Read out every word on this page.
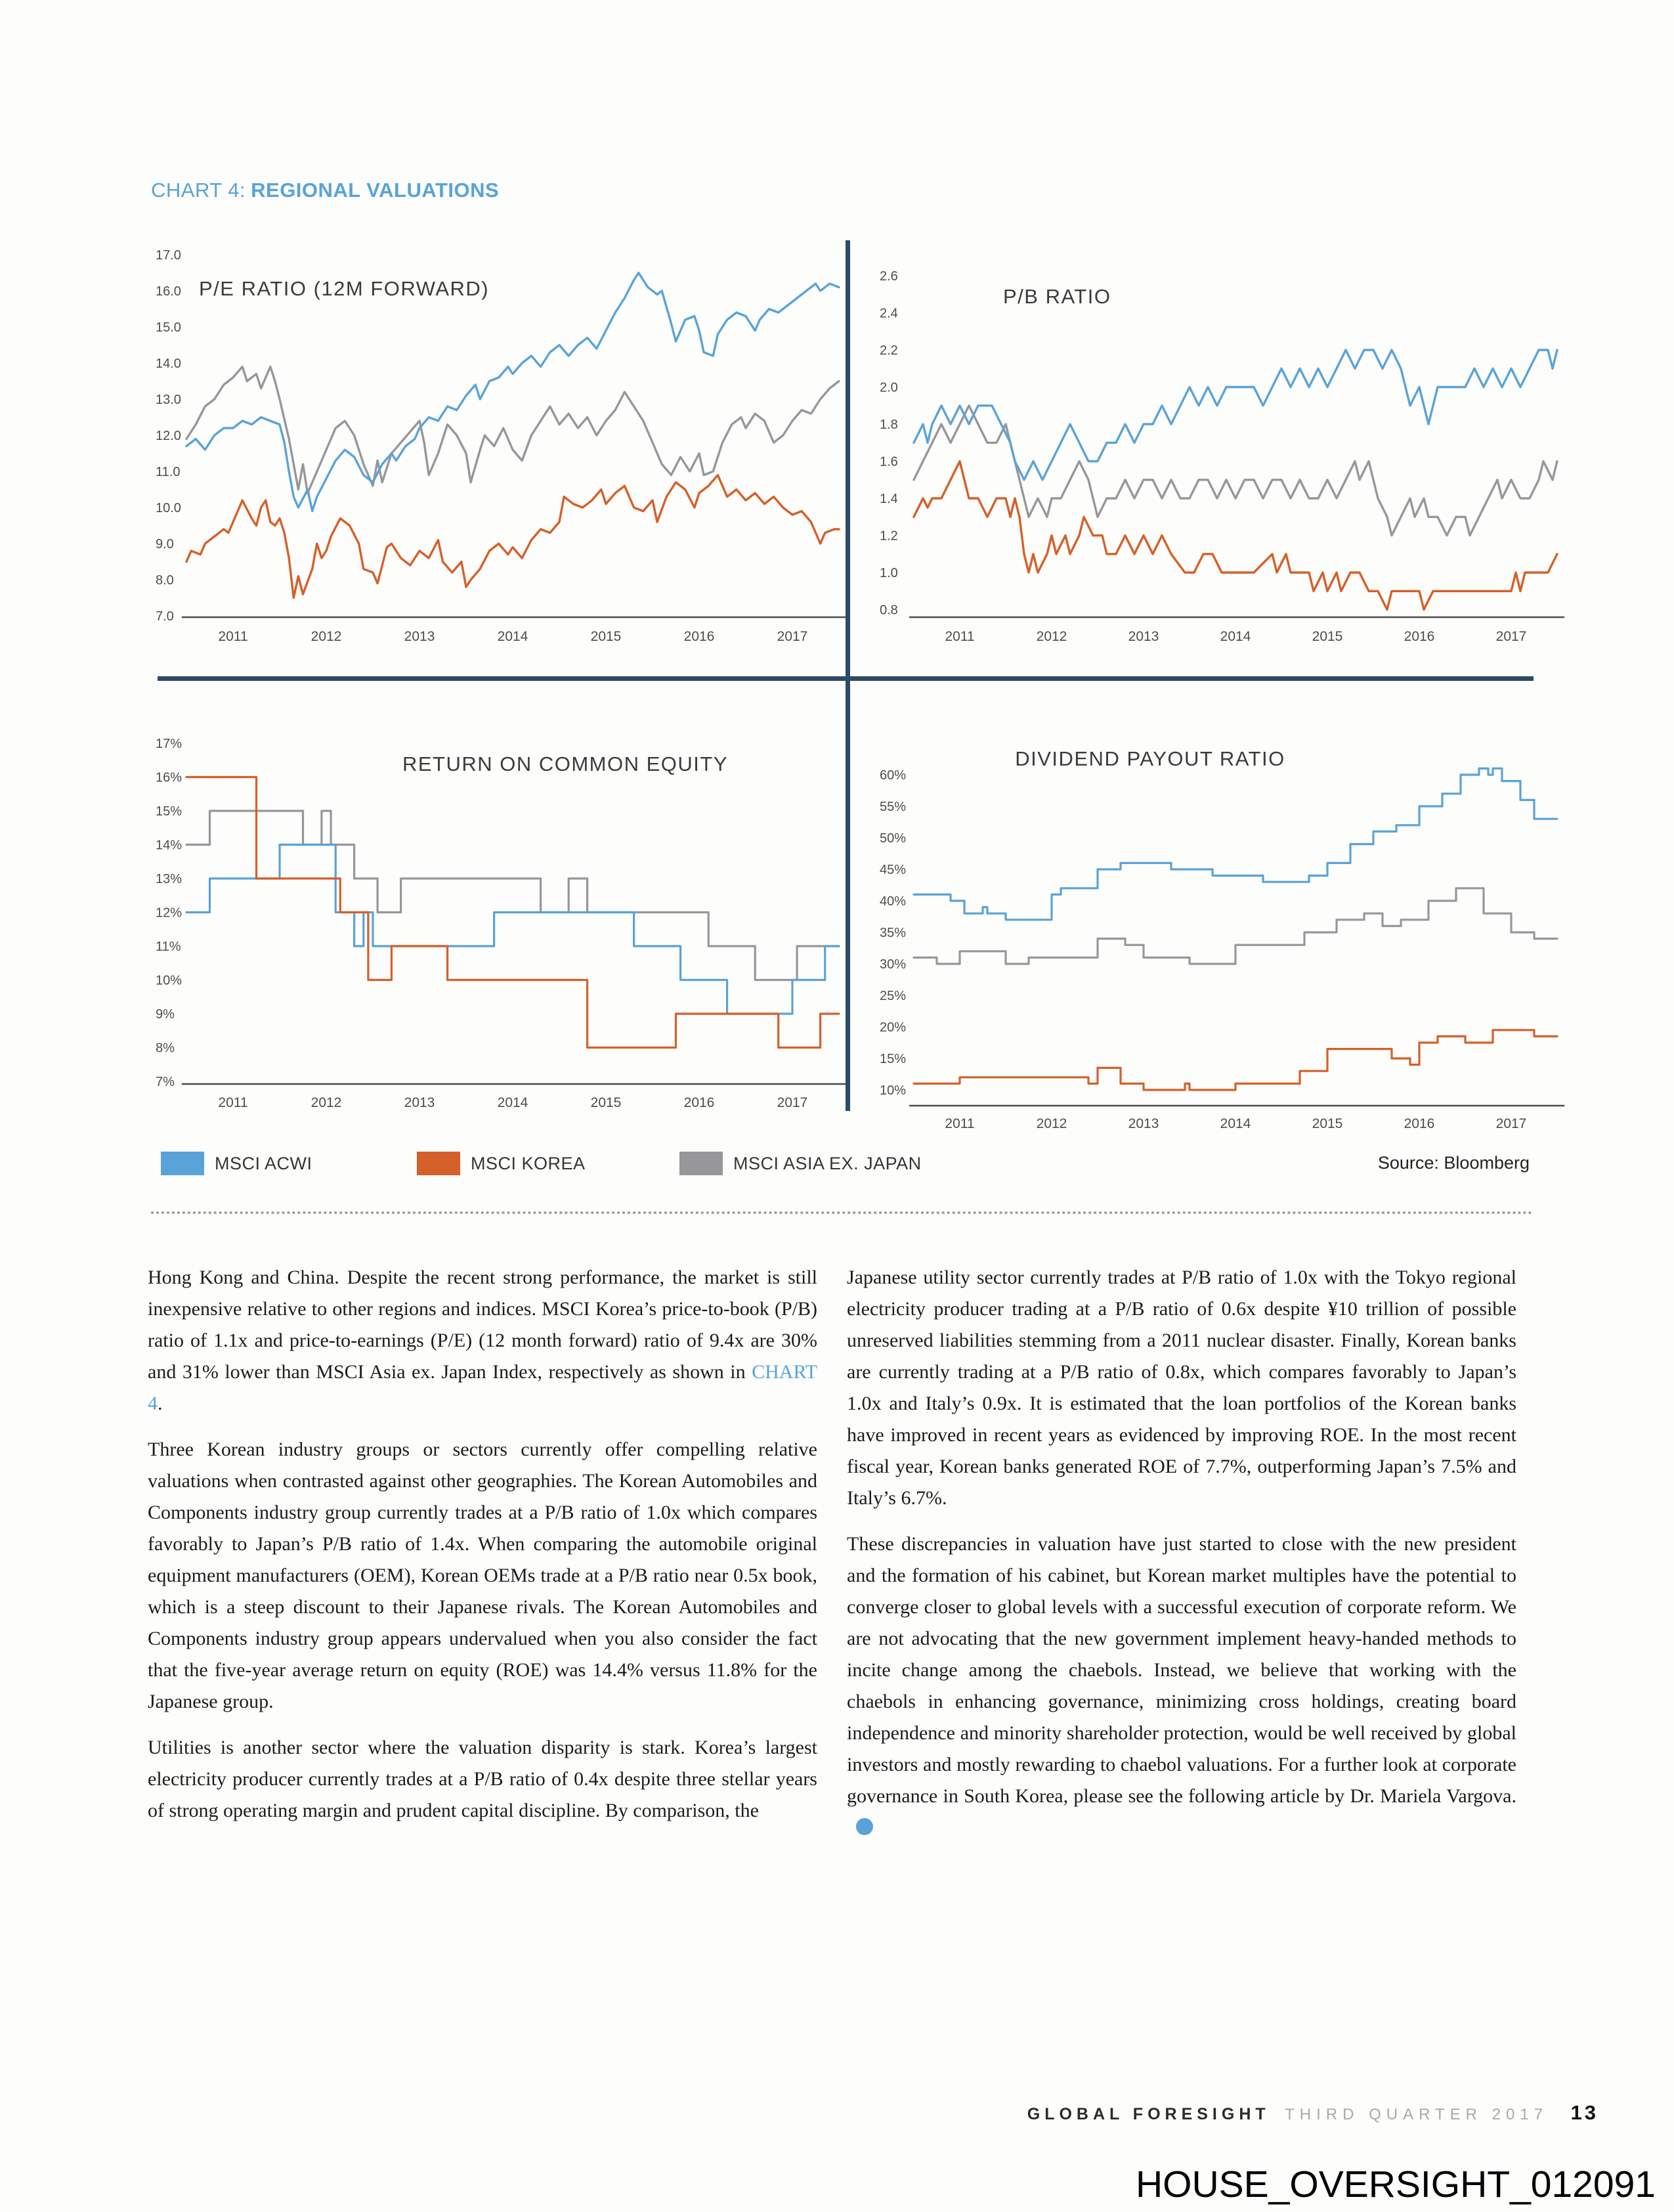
CHART 4: REGIONAL VALUATIONS
P/E RATIO (12M FORWARD)
17.0
16.0
15.0
14.0
13.0
12.0
11.0
10.0
9.0
8.0
7.0
2011	2012	2013	2014	2015	2016	2017
P/B RATIO
2.6
2.4
2.2
2.0
1.8
1.6
1.4
1.2
1.0
0.8
2011	2012	2013	2014	2015	2016	2017
RETURN ON COMMON EQUITY
17%
16%
15%
14%
13%
12%
11%
10%
9%
8%
7%
2011	2012	2013	2014	2015	2016	2017
DIVIDEND PAYOUT RATIO
60%
55%
50%
45%
40%
35%
30%
25%
20%
15%
10%
2011	2012	2013	2014	2015	2016	2017
MSCI ACWI	MSCI KOREA	MSCI ASIA EX. JAPAN	Source: Bloomberg

Hong Kong and China. Despite the recent strong performance, the market is still inexpensive relative to other regions and indices. MSCI Korea’s price-to-book (P/B) ratio of 1.1x and price-to-earnings (P/E) (12 month forward) ratio of 9.4x are 30% and 31% lower than MSCI Asia ex. Japan Index, respectively as shown in CHART 4.

Three Korean industry groups or sectors currently offer compelling relative valuations when contrasted against other geographies. The Korean Automobiles and Components industry group currently trades at a P/B ratio of 1.0x which compares favorably to Japan’s P/B ratio of 1.4x. When comparing the automobile original equipment manufacturers (OEM), Korean OEMs trade at a P/B ratio near 0.5x book, which is a steep discount to their Japanese rivals. The Korean Automobiles and Components industry group appears undervalued when you also consider the fact that the five-year average return on equity (ROE) was 14.4% versus 11.8% for the Japanese group.

Utilities is another sector where the valuation disparity is stark. Korea’s largest electricity producer currently trades at a P/B ratio of 0.4x despite three stellar years of strong operating margin and prudent capital discipline. By comparison, the

Japanese utility sector currently trades at P/B ratio of 1.0x with the Tokyo regional electricity producer trading at a P/B ratio of 0.6x despite ¥10 trillion of possible unreserved liabilities stemming from a 2011 nuclear disaster. Finally, Korean banks are currently trading at a P/B ratio of 0.8x, which compares favorably to Japan’s 1.0x and Italy’s 0.9x. It is estimated that the loan portfolios of the Korean banks have improved in recent years as evidenced by improving ROE. In the most recent fiscal year, Korean banks generated ROE of 7.7%, outperforming Japan’s 7.5% and Italy’s 6.7%.

These discrepancies in valuation have just started to close with the new president and the formation of his cabinet, but Korean market multiples have the potential to converge closer to global levels with a successful execution of corporate reform. We are not advocating that the new government implement heavy-handed methods to incite change among the chaebols. Instead, we believe that working with the chaebols in enhancing governance, minimizing cross holdings, creating board independence and minority shareholder protection, would be well received by global investors and mostly rewarding to chaebol valuations. For a further look at corporate governance in South Korea, please see the following article by Dr. Mariela Vargova.

GLOBAL FORESIGHT THIRD QUARTER 2017 13
HOUSE_OVERSIGHT_012091
